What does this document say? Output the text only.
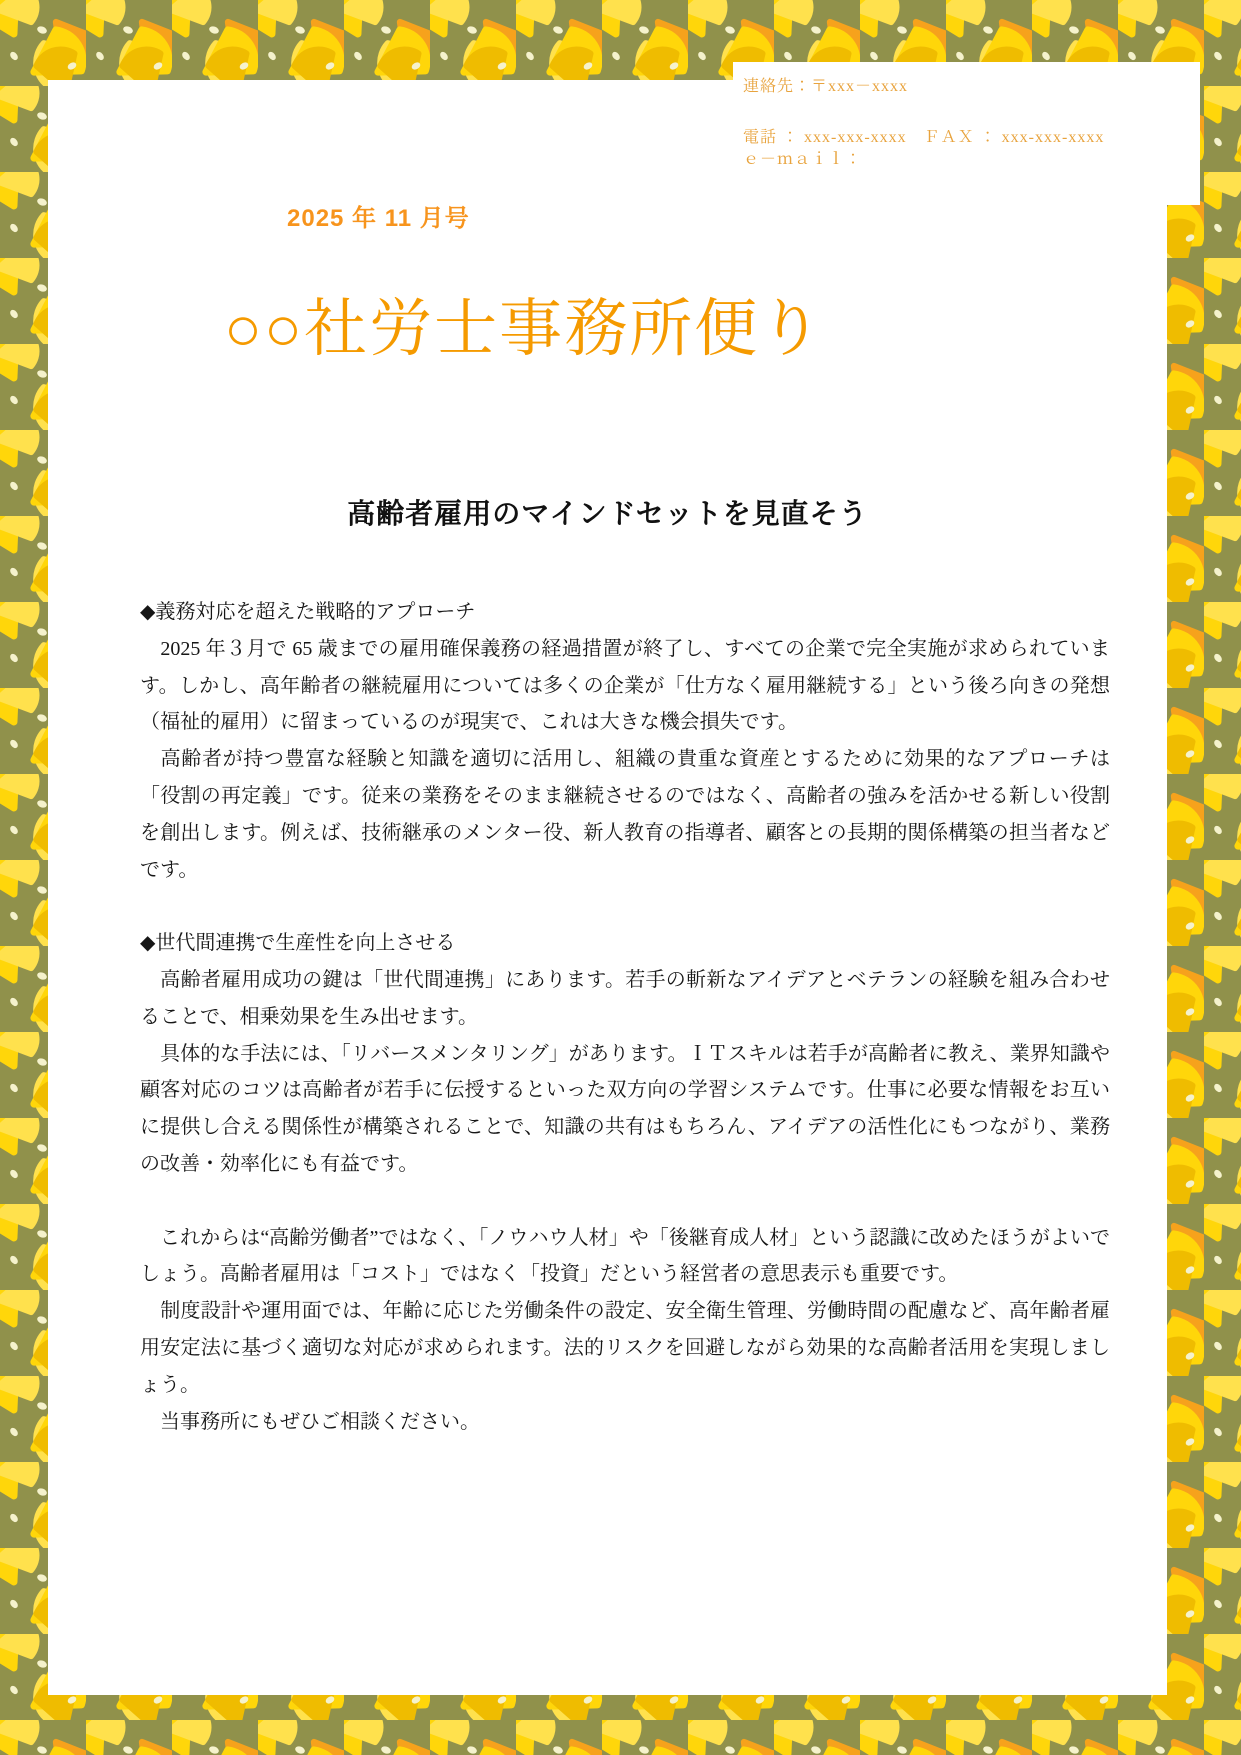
連絡先：〒xxx－xxxx

電話 ： xxx-xxx-xxxx　ＦＡＸ ： xxx-xxx-xxxx

ｅ－ｍａｉｌ：

2025 年 11 月号
○○社労士事務所便り
高齢者雇用のマインドセットを見直そう
◆義務対応を超えた戦略的アプローチ

　2025 年３月で 65 歳までの雇用確保義務の経過措置が終了し、すべての企業で完全実施が求められています。しかし、高年齢者の継続雇用については多くの企業が「仕方なく雇用継続する」という後ろ向きの発想（福祉的雇用）に留まっているのが現実で、これは大きな機会損失です。

　高齢者が持つ豊富な経験と知識を適切に活用し、組織の貴重な資産とするために効果的なアプローチは「役割の再定義」です。従来の業務をそのまま継続させるのではなく、高齢者の強みを活かせる新しい役割を創出します。例えば、技術継承のメンター役、新人教育の指導者、顧客との長期的関係構築の担当者などです。

◆世代間連携で生産性を向上させる

　高齢者雇用成功の鍵は「世代間連携」にあります。若手の斬新なアイデアとベテランの経験を組み合わせることで、相乗効果を生み出せます。

　具体的な手法には、「リバースメンタリング」があります。ＩＴスキルは若手が高齢者に教え、業界知識や顧客対応のコツは高齢者が若手に伝授するといった双方向の学習システムです。仕事に必要な情報をお互いに提供し合える関係性が構築されることで、知識の共有はもちろん、アイデアの活性化にもつながり、業務の改善・効率化にも有益です。

　これからは“高齢労働者”ではなく、「ノウハウ人材」や「後継育成人材」という認識に改めたほうがよいでしょう。高齢者雇用は「コスト」ではなく「投資」だという経営者の意思表示も重要です。

　制度設計や運用面では、年齢に応じた労働条件の設定、安全衛生管理、労働時間の配慮など、高年齢者雇用安定法に基づく適切な対応が求められます。法的リスクを回避しながら効果的な高齢者活用を実現しましょう。

　当事務所にもぜひご相談ください。
